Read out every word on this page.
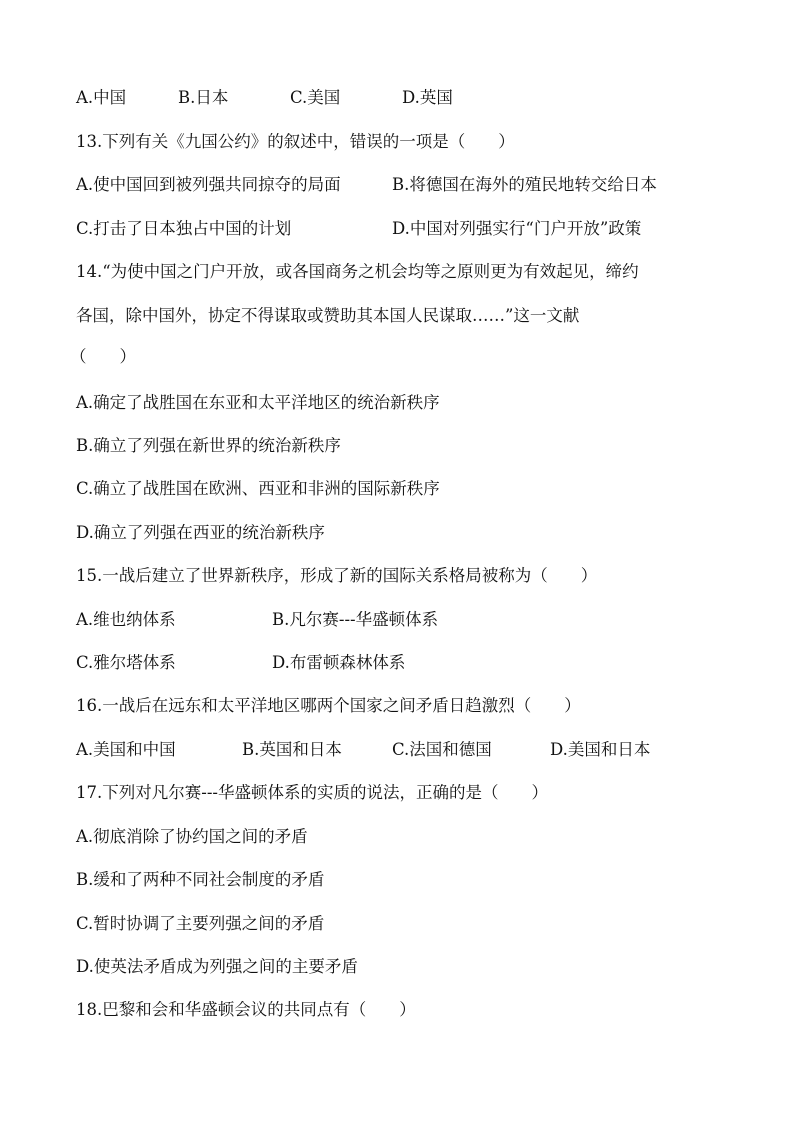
A.中国	B.日本	C.美国	D.英国
13.下列有关《九国公约》的叙述中，错误的一项是（　　）
A.使中国回到被列强共同掠夺的局面	B.将德国在海外的殖民地转交给日本
C.打击了日本独占中国的计划	D.中国对列强实行“门户开放”政策
14.“为使中国之门户开放，或各国商务之机会均等之原则更为有效起见，缔约
各国，除中国外，协定不得谋取或赞助其本国人民谋取……”这一文献
（　　）
A.确定了战胜国在东亚和太平洋地区的统治新秩序
B.确立了列强在新世界的统治新秩序
C.确立了战胜国在欧洲、西亚和非洲的国际新秩序
D.确立了列强在西亚的统治新秩序
15.一战后建立了世界新秩序，形成了新的国际关系格局被称为（　　）
A.维也纳体系	B.凡尔赛---华盛顿体系
C.雅尔塔体系	D.布雷顿森林体系
16.一战后在远东和太平洋地区哪两个国家之间矛盾日趋激烈（　　）
A.美国和中国	B.英国和日本	C.法国和德国	D.美国和日本
17.下列对凡尔赛---华盛顿体系的实质的说法，正确的是（　　）
A.彻底消除了协约国之间的矛盾
B.缓和了两种不同社会制度的矛盾
C.暂时协调了主要列强之间的矛盾
D.使英法矛盾成为列强之间的主要矛盾
18.巴黎和会和华盛顿会议的共同点有（　　）
